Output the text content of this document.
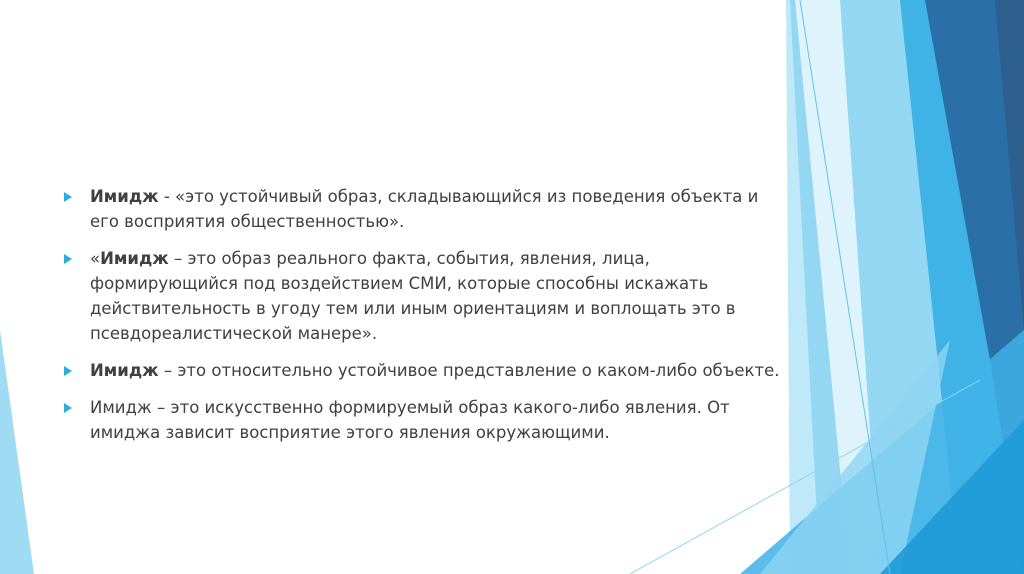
Имидж - «это устойчивый образ, складывающийся из поведения объекта и его восприятия общественностью».
«Имидж – это образ реального факта, события, явления, лица, формирующийся под воздействием СМИ, которые способны искажать действительность в угоду тем или иным ориентациям и воплощать это в псевдореалистической манере».
Имидж – это относительно устойчивое представление о каком-либо объекте.
Имидж – это искусственно формируемый образ какого-либо явления. От имиджа зависит восприятие этого явления окружающими.
